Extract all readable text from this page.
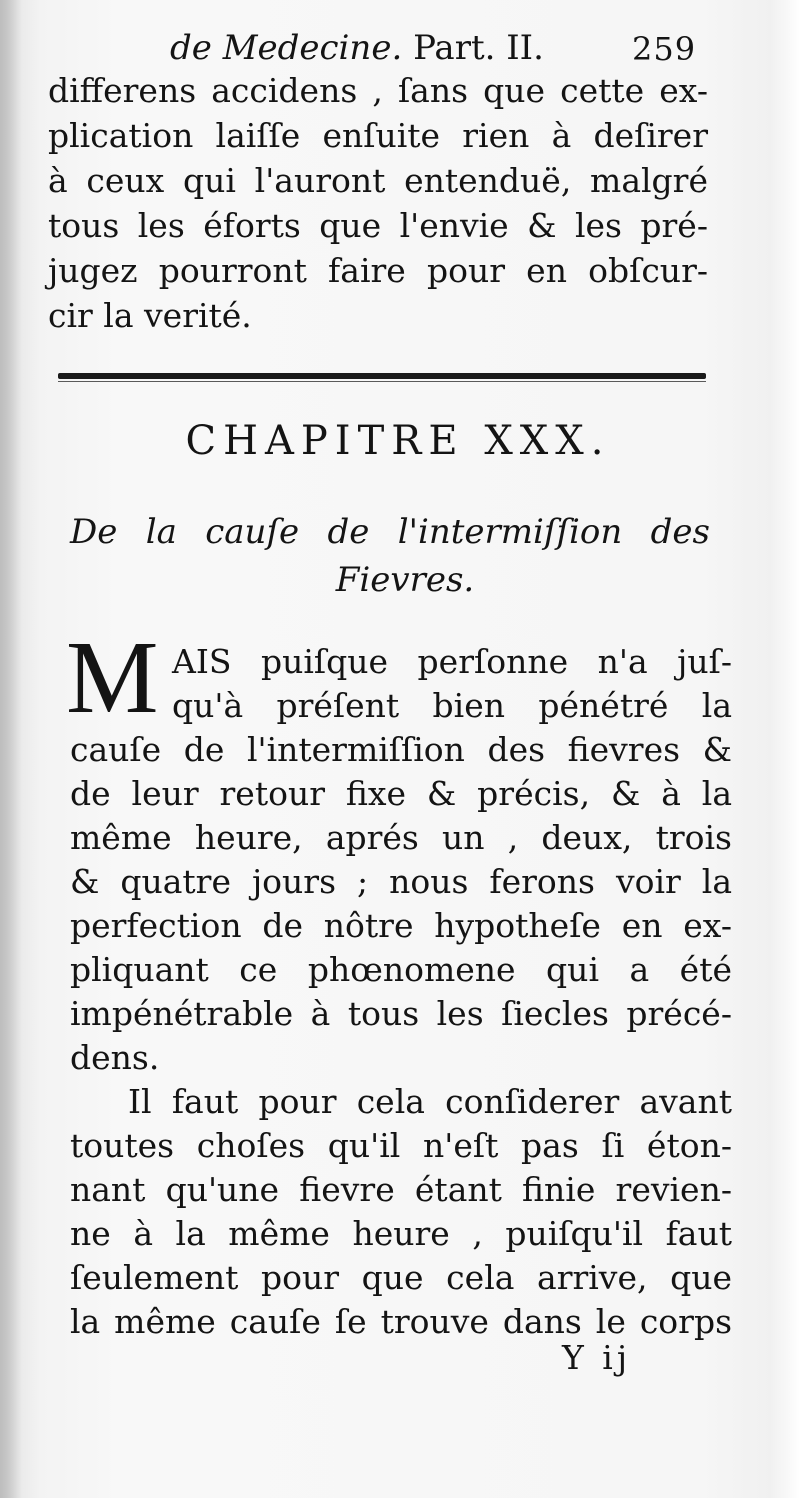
de Medecine. Part. II.	259
differens accidens , ſans que cette ex-
plication laiſſe enſuite rien à deſirer
à ceux qui l'auront entenduë, malgré
tous les éforts que l'envie & les pré-
jugez pourront faire pour en obſcur-
cir la verité.
CHAPITRE XXX.
De la cauſe de l'intermiſſion des
Fievres.
M AIS puiſque perſonne n'a juſ-
qu'à préſent bien pénétré la
cauſe de l'intermiſſion des fievres &
de leur retour fixe & précis, & à la
même heure, aprés un , deux, trois
& quatre jours ; nous ferons voir la
perfection de nôtre hypotheſe en ex-
pliquant ce phœnomene qui a été
impénétrable à tous les ſiecles précé-
dens.
Il faut pour cela conſiderer avant
toutes choſes qu'il n'eſt pas ſi éton-
nant qu'une fievre étant finie revien-
ne à la même heure , puiſqu'il faut
ſeulement pour que cela arrive, que
la même cauſe ſe trouve dans le corps
Y ij
